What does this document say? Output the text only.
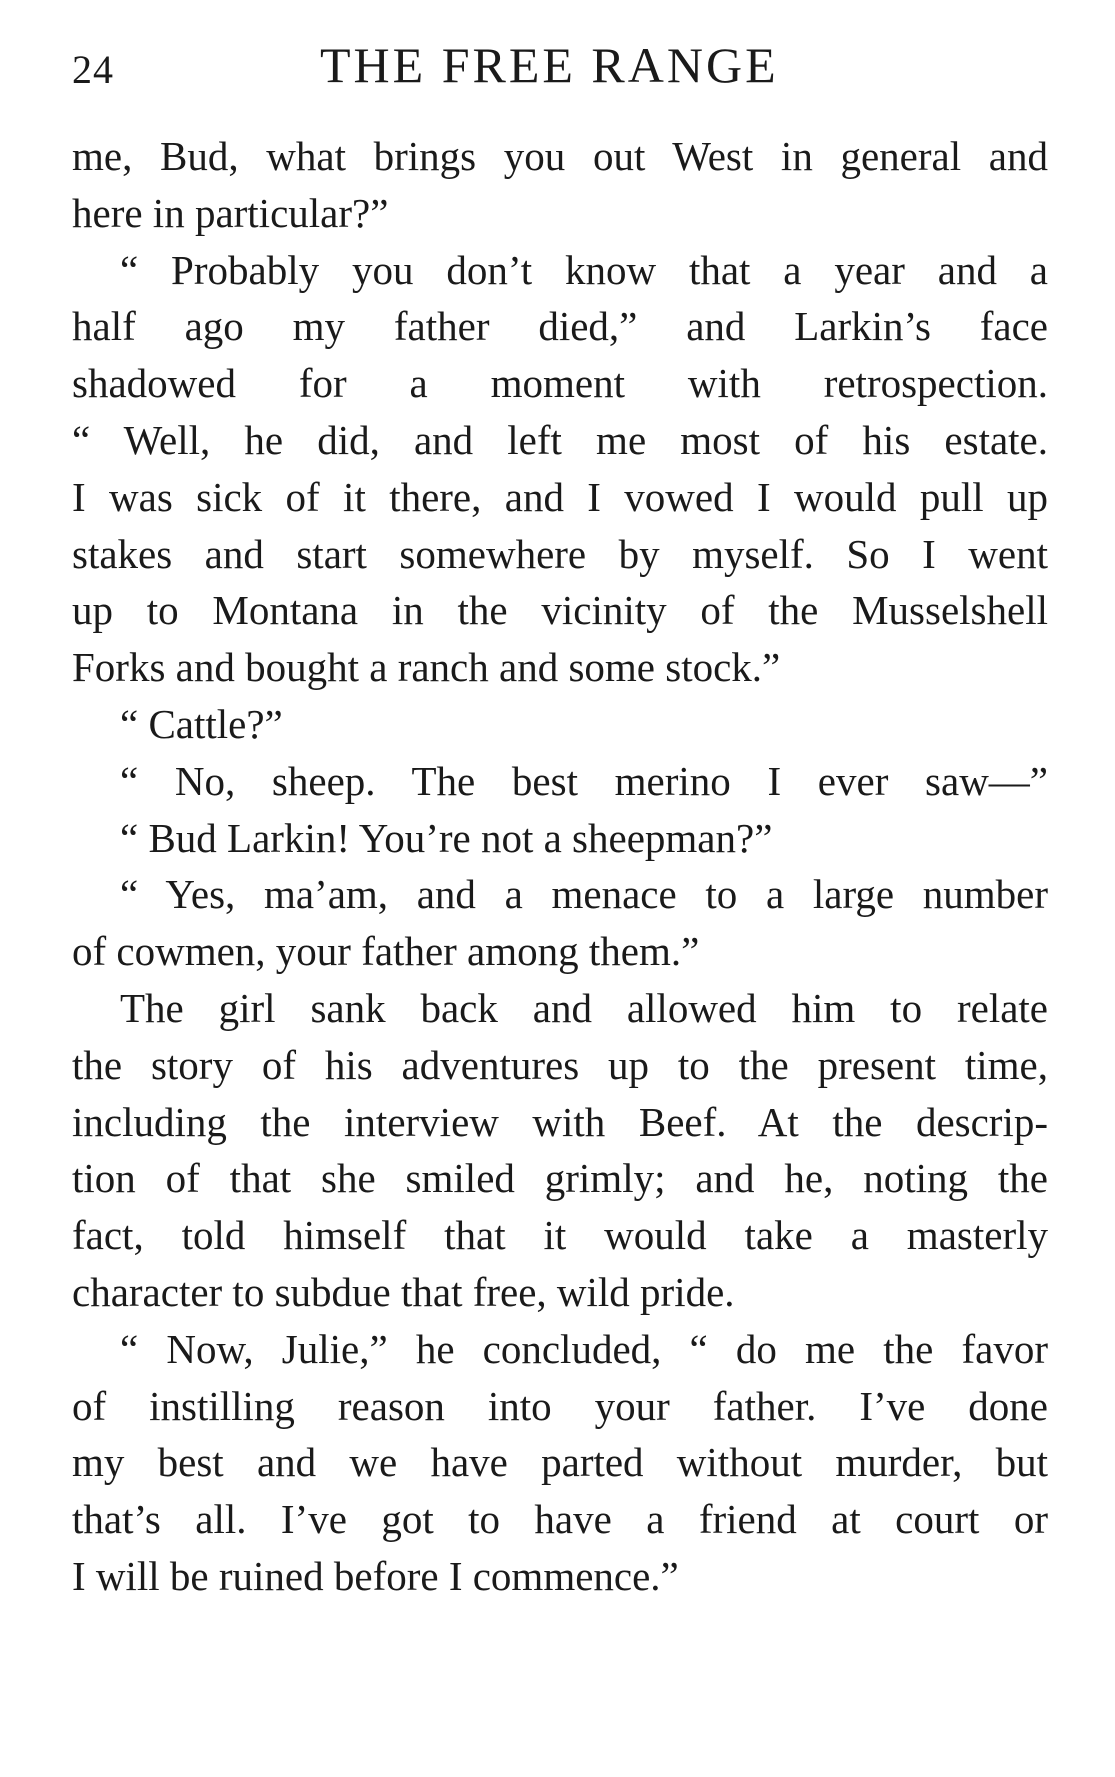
24	THE FREE RANGE
me, Bud, what brings you out West in general and
here in particular?”
“ Probably you don’t know that a year and a
half ago my father died,” and Larkin’s face
shadowed for a moment with retrospection.
“ Well, he did, and left me most of his estate.
I was sick of it there, and I vowed I would pull up
stakes and start somewhere by myself. So I went
up to Montana in the vicinity of the Musselshell
Forks and bought a ranch and some stock.”
“ Cattle?”
“ No, sheep. The best merino I ever saw—”
“ Bud Larkin! You’re not a sheepman?”
“ Yes, ma’am, and a menace to a large number
of cowmen, your father among them.”
The girl sank back and allowed him to relate
the story of his adventures up to the present time,
including the interview with Beef. At the descrip-
tion of that she smiled grimly; and he, noting the
fact, told himself that it would take a masterly
character to subdue that free, wild pride.
“ Now, Julie,” he concluded, “ do me the favor
of instilling reason into your father. I’ve done
my best and we have parted without murder, but
that’s all. I’ve got to have a friend at court or
I will be ruined before I commence.”
